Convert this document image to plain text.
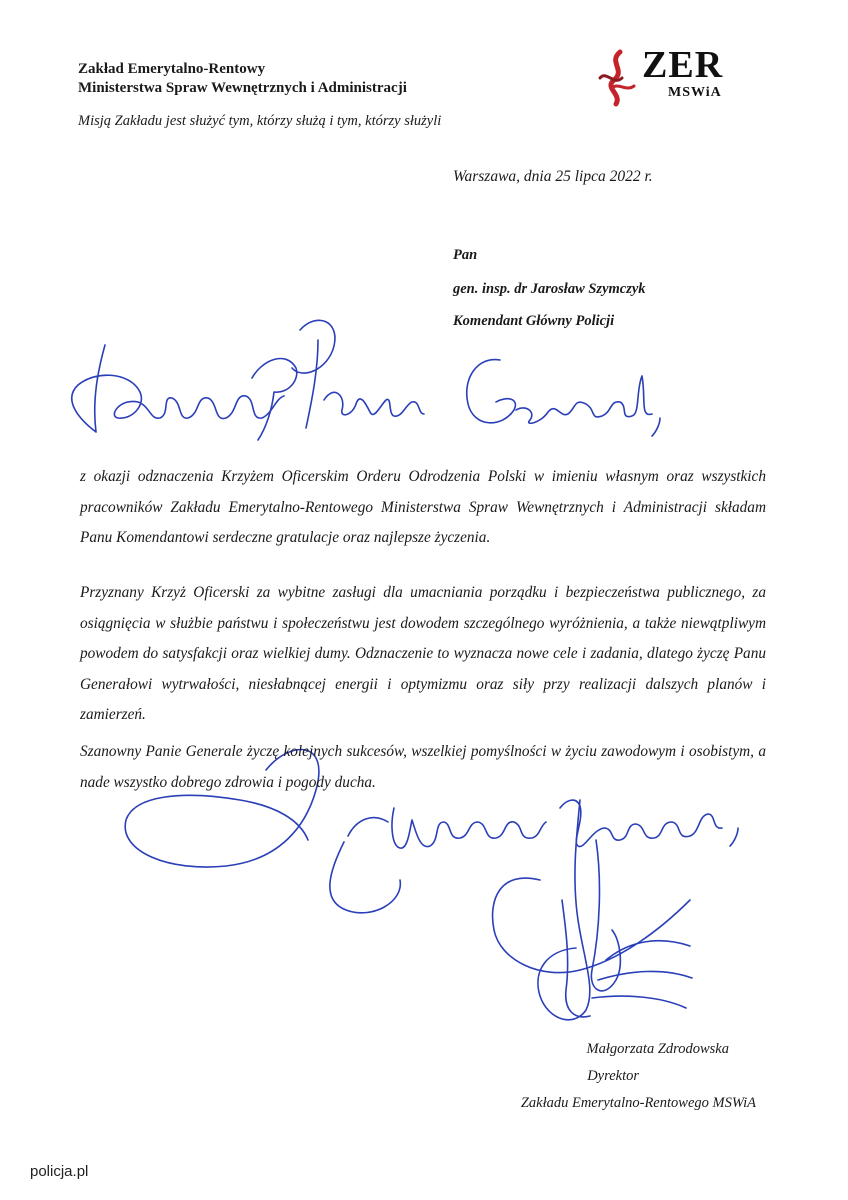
Zakład Emerytalno-Rentowy
Ministerstwa Spraw Wewnętrznych i Administracji
Misją Zakładu jest służyć tym, którzy służą i tym, którzy służyli
ZER
MSWiA
Warszawa, dnia 25 lipca 2022 r.
Pan
gen. insp. dr Jarosław Szymczyk
Komendant Główny Policji

z okazji odznaczenia Krzyżem Oficerskim Orderu Odrodzenia Polski w imieniu własnym oraz wszystkich pracowników Zakładu Emerytalno-Rentowego Ministerstwa Spraw Wewnętrznych i Administracji składam Panu Komendantowi serdeczne gratulacje oraz najlepsze życzenia.

Przyznany Krzyż Oficerski za wybitne zasługi dla umacniania porządku i bezpieczeństwa publicznego, za osiągnięcia w służbie państwu i społeczeństwu jest dowodem szczególnego wyróżnienia, a także niewątpliwym powodem do satysfakcji oraz wielkiej dumy. Odznaczenie to wyznacza nowe cele i zadania, dlatego życzę Panu Generałowi wytrwałości, niesłabnącej energii i optymizmu oraz siły przy realizacji dalszych planów i zamierzeń.

Szanowny Panie Generale życzę kolejnych sukcesów, wszelkiej pomyślności w życiu zawodowym i osobistym, a nade wszystko dobrego zdrowia i pogody ducha.

Małgorzata Zdrodowska
Dyrektor
Zakładu Emerytalno-Rentowego MSWiA
policja.pl
